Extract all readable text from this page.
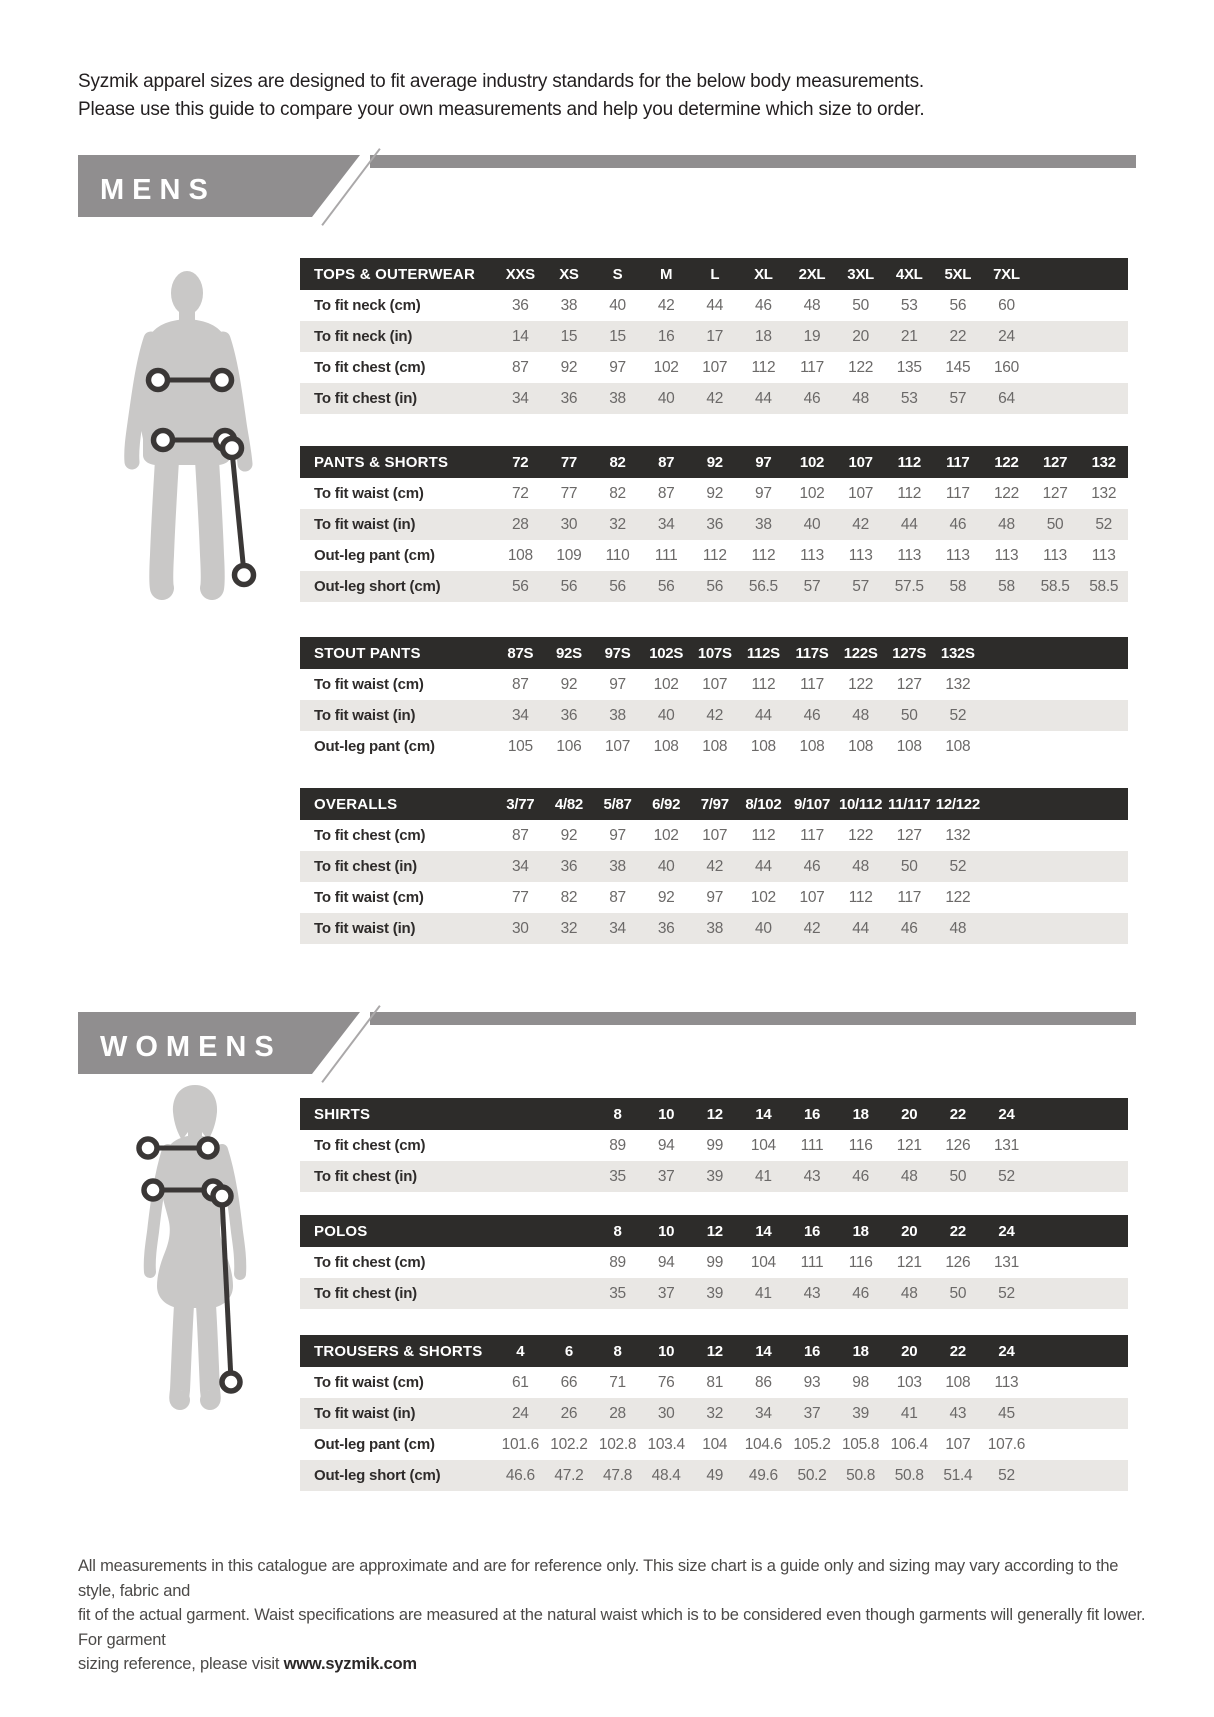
Syzmik apparel sizes are designed to fit average industry standards for the below body measurements.
Please use this guide to compare your own measurements and help you determine which size to order.
MENS
TOPS & OUTERWEAR	XXS	XS	S	M	L	XL	2XL	3XL	4XL	5XL	7XL
To fit neck (cm)	36	38	40	42	44	46	48	50	53	56	60
To fit neck (in)	14	15	15	16	17	18	19	20	21	22	24
To fit chest (cm)	87	92	97	102	107	112	117	122	135	145	160
To fit chest (in)	34	36	38	40	42	44	46	48	53	57	64
PANTS & SHORTS	72	77	82	87	92	97	102	107	112	117	122	127	132
To fit waist (cm)	72	77	82	87	92	97	102	107	112	117	122	127	132
To fit waist (in)	28	30	32	34	36	38	40	42	44	46	48	50	52
Out-leg pant (cm)	108	109	110	111	112	112	113	113	113	113	113	113	113
Out-leg short (cm)	56	56	56	56	56	56.5	57	57	57.5	58	58	58.5	58.5
STOUT PANTS	87S	92S	97S	102S 107S	112S	117S	122S 127S 132S
To fit waist (cm)	87	92	97	102	107	112	117	122	127	132
To fit waist (in)	34	36	38	40	42	44	46	48	50	52
Out-leg pant (cm)	105	106	107	108	108	108	108	108	108	108
OVERALLS	3/77	4/82	5/87	6/92	7/97	8/102 9/107 10/112 11/117 12/122
To fit chest (cm)	87	92	97	102	107	112	117	122	127	132
To fit chest (in)	34	36	38	40	42	44	46	48	50	52
To fit waist (cm)	77	82	87	92	97	102	107	112	117	122
To fit waist (in)	30	32	34	36	38	40	42	44	46	48
WOMENS
SHIRTS	8	10	12	14	16	18	20	22	24
To fit chest (cm)	89	94	99	104	111	116	121	126	131
To fit chest (in)	35	37	39	41	43	46	48	50	52
POLOS	8	10	12	14	16	18	20	22	24
To fit chest (cm)	89	94	99	104	111	116	121	126	131
To fit chest (in)	35	37	39	41	43	46	48	50	52
TROUSERS & SHORTS	4	6	8	10	12	14	16	18	20	22	24
To fit waist (cm)	61	66	71	76	81	86	93	98	103	108	113
To fit waist (in)	24	26	28	30	32	34	37	39	41	43	45
Out-leg pant (cm)	101.6 102.2 102.8 103.4	104	104.6 105.2 105.8 106.4	107	107.6
Out-leg short (cm)	46.6	47.2	47.8	48.4	49	49.6	50.2	50.8	50.8	51.4	52
All measurements in this catalogue are approximate and are for reference only. This size chart is a guide only and sizing may vary according to the style, fabric and
fit of the actual garment. Waist specifications are measured at the natural waist which is to be considered even though garments will generally fit lower. For garment
sizing reference, please visit www.syzmik.com
